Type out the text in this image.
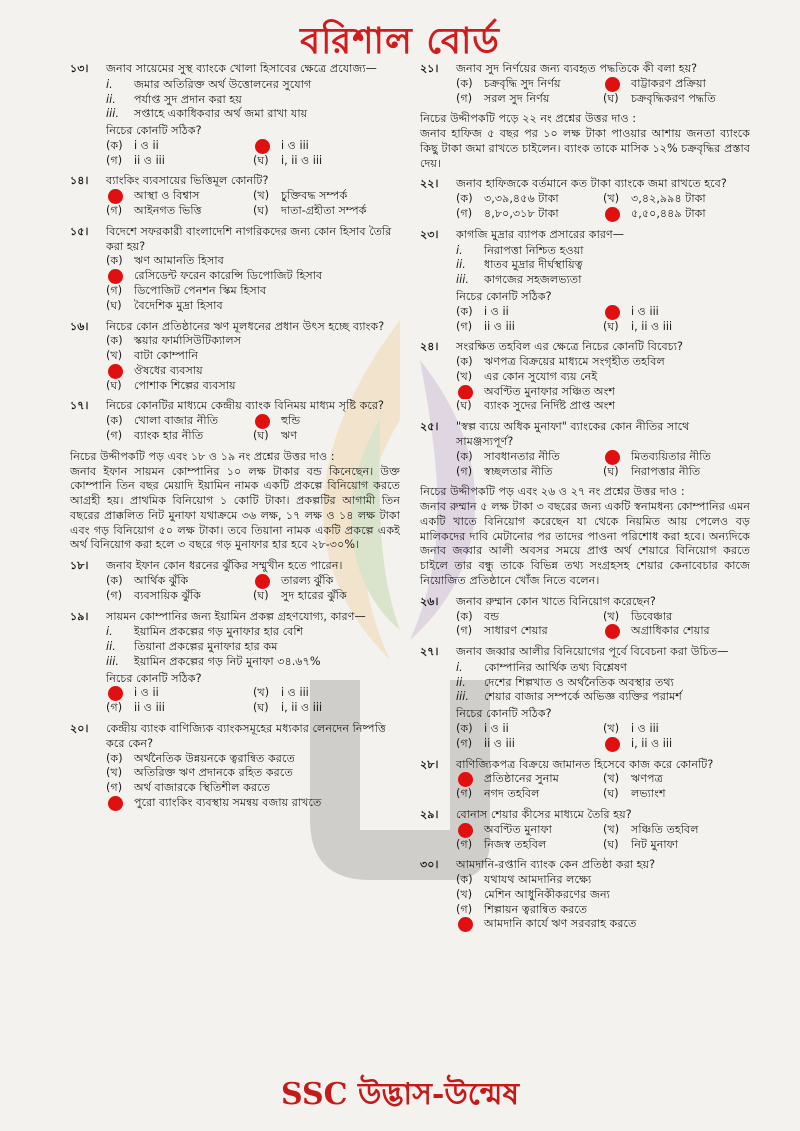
বরিশাল বোর্ড
১৩।	জনাব সায়েমের সুস্থ ব্যাংকে খোলা হিসাবের ক্ষেত্রে প্রযোজ্য—
i.	জমার অতিরিক্ত অর্থ উত্তোলনের সুযোগ
ii.	পর্যাপ্ত সুদ প্রদান করা হয়
iii.	সপ্তাহে একাধিকবার অর্থ জমা রাখা যায়
নিচের কোনটি সঠিক?
(ক)	i ও ii	i ও iii
(গ)	ii ও iii	(ঘ)	i, ii ও iii
১৪।	ব্যাংকিং ব্যবসায়ের ভিত্তিমূল কোনটি?
আস্থা ও বিশ্বাস	(খ)	চুক্তিবদ্ধ সম্পর্ক
(গ)	আইনগত ভিত্তি	(ঘ)	দাতা-গ্রহীতা সম্পর্ক
১৫।	বিদেশে সফরকারী বাংলাদেশি নাগরিকদের জন্য কোন হিসাব তৈরি করা হয়?
(ক)	ঋণ আমানতি হিসাব
রেসিডেন্ট ফরেন কারেন্সি ডিপোজিট হিসাব
(গ)	ডিপোজিট পেনশন স্কিম হিসাব
(ঘ)	বৈদেশিক মুদ্রা হিসাব
১৬।	নিচের কোন প্রতিষ্ঠানের ঋণ মূলধনের প্রধান উৎস হচ্ছে ব্যাংক?
(ক)	স্কয়ার ফার্মাসিউটিক্যালস
(খ)	বাটা কোম্পানি
ঔষধের ব্যবসায়
(ঘ)	পোশাক শিল্পের ব্যবসায়
১৭।	নিচের কোনটির মাধ্যমে কেন্দ্রীয় ব্যাংক বিনিময় মাধ্যম সৃষ্টি করে?
(ক)	খোলা বাজার নীতি	হুন্ডি
(গ)	ব্যাংক হার নীতি	(ঘ)	ঋণ
নিচের উদ্দীপকটি পড় এবং ১৮ ও ১৯ নং প্রশ্নের উত্তর দাও :
জনাব ইফান সায়মন কোম্পানির ১০ লক্ষ টাকার বন্ড কিনেছেন। উক্ত কোম্পানি তিন বছর মেয়াদি ইয়ামিন নামক একটি প্রকল্পে বিনিয়োগ করতে আগ্রহী হয়। প্রাথমিক বিনিয়োগ ১ কোটি টাকা। প্রকল্পটির আগামী তিন বছরের প্রাক্কলিত নিট মুনাফা যথাক্রমে ৩৬ লক্ষ, ১৭ লক্ষ ও ১৪ লক্ষ টাকা এবং গড় বিনিয়োগ ৫০ লক্ষ টাকা। তবে তিয়ানা নামক একটি প্রকল্পে একই অর্থ বিনিয়োগ করা হলে ৩ বছরে গড় মুনাফার হার হবে ২৮-৩০%।
১৮।	জনাব ইফান কোন ধরনের ঝুঁকির সম্মুখীন হতে পারেন।
(ক)	আর্থিক ঝুঁকি	তারল্য ঝুঁকি
(গ)	ব্যবসায়িক ঝুঁকি	(ঘ)	সুদ হারের ঝুঁকি
১৯।	সায়মন কোম্পানির জন্য ইয়ামিন প্রকল্প গ্রহণযোগ্য, কারণ—
i.	ইয়ামিন প্রকল্পের গড় মুনাফার হার বেশি
ii.	তিয়ানা প্রকল্পের মুনাফার হার কম
iii.	ইয়ামিন প্রকল্পের গড় নিট মুনাফা ৩৪.৬৭%
নিচের কোনটি সঠিক?
i ও ii	(খ)	i ও iii
(গ)	ii ও iii	(ঘ)	i, ii ও iii
২০।	কেন্দ্রীয় ব্যাংক বাণিজ্যিক ব্যাংকসমূহের মধ্যকার লেনদেন নিষ্পত্তি করে কেন?
(ক)	অর্থনৈতিক উন্নয়নকে ত্বরান্বিত করতে
(খ)	অতিরিক্ত ঋণ প্রদানকে রহিত করতে
(গ)	অর্থ বাজারকে স্থিতিশীল করতে
পুরো ব্যাংকিং ব্যবস্থায় সমন্বয় বজায় রাখতে
২১।	জনাব সুদ নির্ণয়ের জন্য ব্যবহৃত পদ্ধতিকে কী বলা হয়?
(ক)	চক্রবৃদ্ধি সুদ নির্ণয়	বাট্টাকরণ প্রক্রিয়া
(গ)	সরল সুদ নির্ণয়	(ঘ)	চক্রবৃদ্ধিকরণ পদ্ধতি
নিচের উদ্দীপকটি পড়ে ২২ নং প্রশ্নের উত্তর দাও :
জনাব হাফিজ ৫ বছর পর ১০ লক্ষ টাকা পাওয়ার আশায় জনতা ব্যাংকে কিছু টাকা জমা রাখতে চাইলেন। ব্যাংক তাকে মাসিক ১২% চক্রবৃদ্ধির প্রস্তাব দেয়।
২২।	জনাব হাফিজকে বর্তমানে কত টাকা ব্যাংকে জমা রাখতে হবে?
(ক)	৩,৩৯,৪৫৬ টাকা	(খ)	৩,৪২,৯৯৪ টাকা
(গ)	৪,৮০,৩১৮ টাকা	৫,৫০,৪৪৯ টাকা
২৩।	কাগজি মুদ্রার ব্যাপক প্রসারের কারণ—
i.	নিরাপত্তা নিশ্চিত হওয়া
ii.	ধাতব মুদ্রার দীর্ঘস্থায়িত্ব
iii.	কাগজের সহজলভ্যতা
নিচের কোনটি সঠিক?
(ক)	i ও ii	i ও iii
(গ)	ii ও iii	(ঘ)	i, ii ও iii
২৪।	সংরক্ষিত তহবিল এর ক্ষেত্রে নিচের কোনটি বিবেচ্য?
(ক)	ঋণপত্র বিক্রয়ের মাধ্যমে সংগৃহীত তহবিল
(খ)	এর কোন সুযোগ ব্যয় নেই
অবণ্টিত মুনাফার সঞ্চিত অংশ
(ঘ)	ব্যাংক সুদের নির্দিষ্ট প্রাপ্ত অংশ
২৫।	"স্বল্প ব্যয়ে অধিক মুনাফা" ব্যাংকের কোন নীতির সাথে সামঞ্জস্যপূর্ণ?
(ক)	সাবধানতার নীতি	মিতব্যয়িতার নীতি
(গ)	স্বচ্ছলতার নীতি	(ঘ)	নিরাপত্তার নীতি
নিচের উদ্দীপকটি পড় এবং ২৬ ও ২৭ নং প্রশ্নের উত্তর দাও :
জনাব রুম্মান ৫ লক্ষ টাকা ৩ বছরের জন্য একটি স্বনামধন্য কোম্পানির এমন একটি খাতে বিনিয়োগ করেছেন যা থেকে নিয়মিত আয় পেলেও বড় মালিকদের দাবি মেটানোর পর তাদের পাওনা পরিশোধ করা হবে। অন্যদিকে জনাব জব্বার আলী অবসর সময়ে প্রাপ্ত অর্থ শেয়ারে বিনিয়োগ করতে চাইলে তার বন্ধু তাকে বিভিন্ন তথ্য সংগ্রহসহ শেয়ার কেনাবেচার কাজে নিয়োজিত প্রতিষ্ঠানে খোঁজ নিতে বলেন।
২৬।	জনাব রুম্মান কোন খাতে বিনিয়োগ করেছেন?
(ক)	বন্ড	(খ)	ডিবেঞ্চার
(গ)	সাধারণ শেয়ার	অগ্রাধিকার শেয়ার
২৭।	জনাব জব্বার আলীর বিনিয়োগের পূর্বে বিবেচনা করা উচিত—
i.	কোম্পানির আর্থিক তথ্য বিশ্লেষণ
ii.	দেশের শিল্পখাত ও অর্থনৈতিক অবস্থার তথ্য
iii.	শেয়ার বাজার সম্পর্কে অভিজ্ঞ ব্যক্তির পরামর্শ
নিচের কোনটি সঠিক?
(ক)	i ও ii	(খ)	i ও iii
(গ)	ii ও iii	i, ii ও iii
২৮।	বাণিজ্যিকপত্র বিক্রয়ে জামানত হিসেবে কাজ করে কোনটি?
প্রতিষ্ঠানের সুনাম	(খ)	ঋণপত্র
(গ)	নগদ তহবিল	(ঘ)	লভ্যাংশ
২৯।	বোনাস শেয়ার কীসের মাধ্যমে তৈরি হয়?
অবণ্টিত মুনাফা	(খ)	সঞ্চিতি তহবিল
(গ)	নিজস্ব তহবিল	(ঘ)	নিট মুনাফা
৩০।	আমদানি-রপ্তানি ব্যাংক কেন প্রতিষ্ঠা করা হয়?
(ক)	যথাযথ আমদানির লক্ষ্যে
(খ)	মেশিন আধুনিকীকরণের জন্য
(গ)	শিল্পায়ন ত্বরান্বিত করতে
আমদানি কার্যে ঋণ সরবরাহ করতে
SSC উদ্ভাস-উন্মেষ
